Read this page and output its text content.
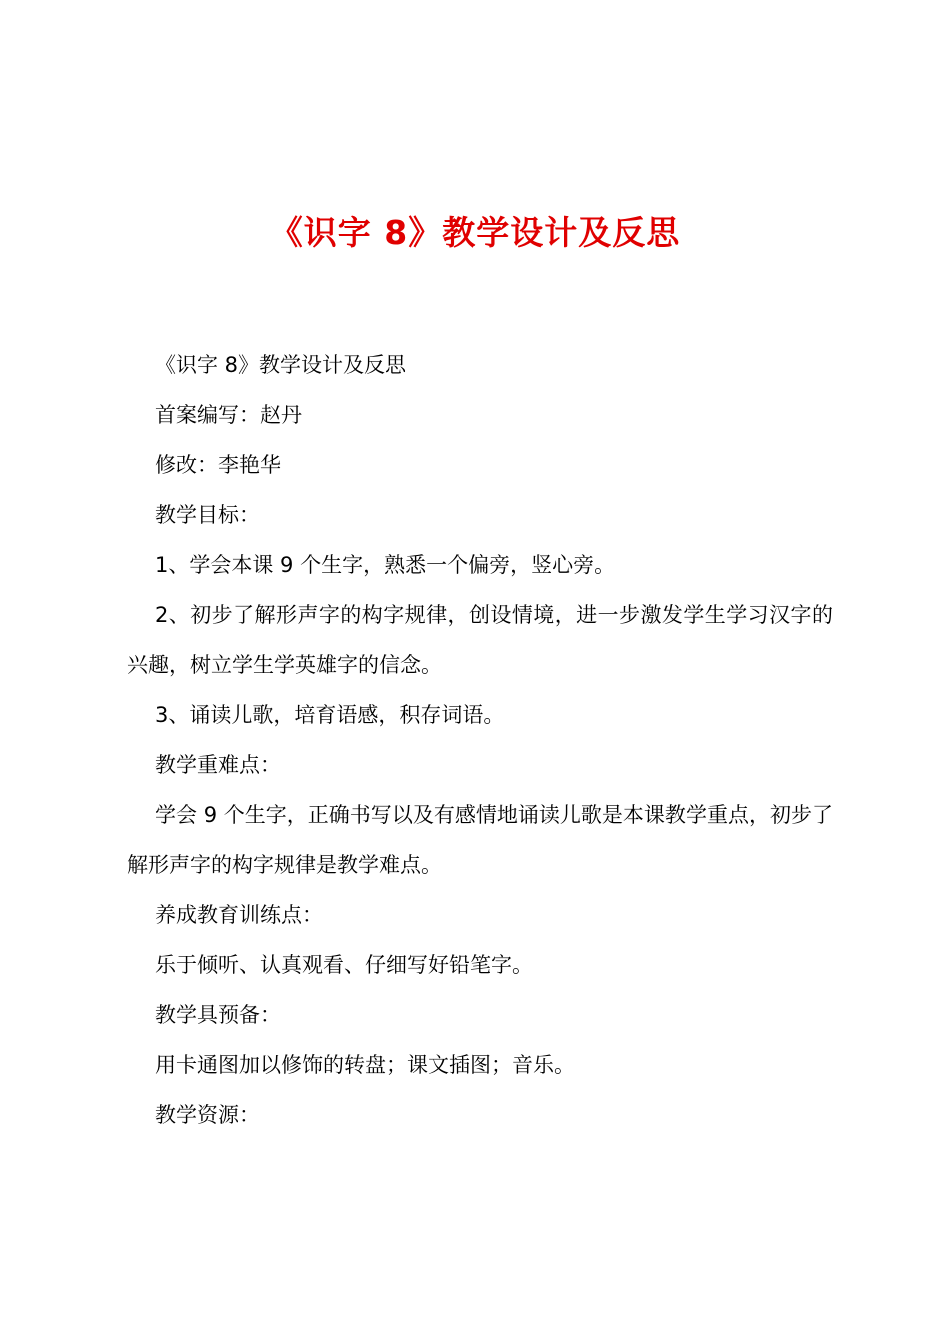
《识字 8》教学设计及反思

《识字 8》教学设计及反思

首案编写：赵丹

修改：李艳华

教学目标：

1、学会本课 9 个生字，熟悉一个偏旁，竖心旁。

2、初步了解形声字的构字规律，创设情境，进一步激发学生学习汉字的兴趣，树立学生学英雄字的信念。

3、诵读儿歌，培育语感，积存词语。

教学重难点：

学会 9 个生字，正确书写以及有感情地诵读儿歌是本课教学重点，初步了解形声字的构字规律是教学难点。

养成教育训练点：

乐于倾听、认真观看、仔细写好铅笔字。

教学具预备：

用卡通图加以修饰的转盘；课文插图；音乐。

教学资源：
